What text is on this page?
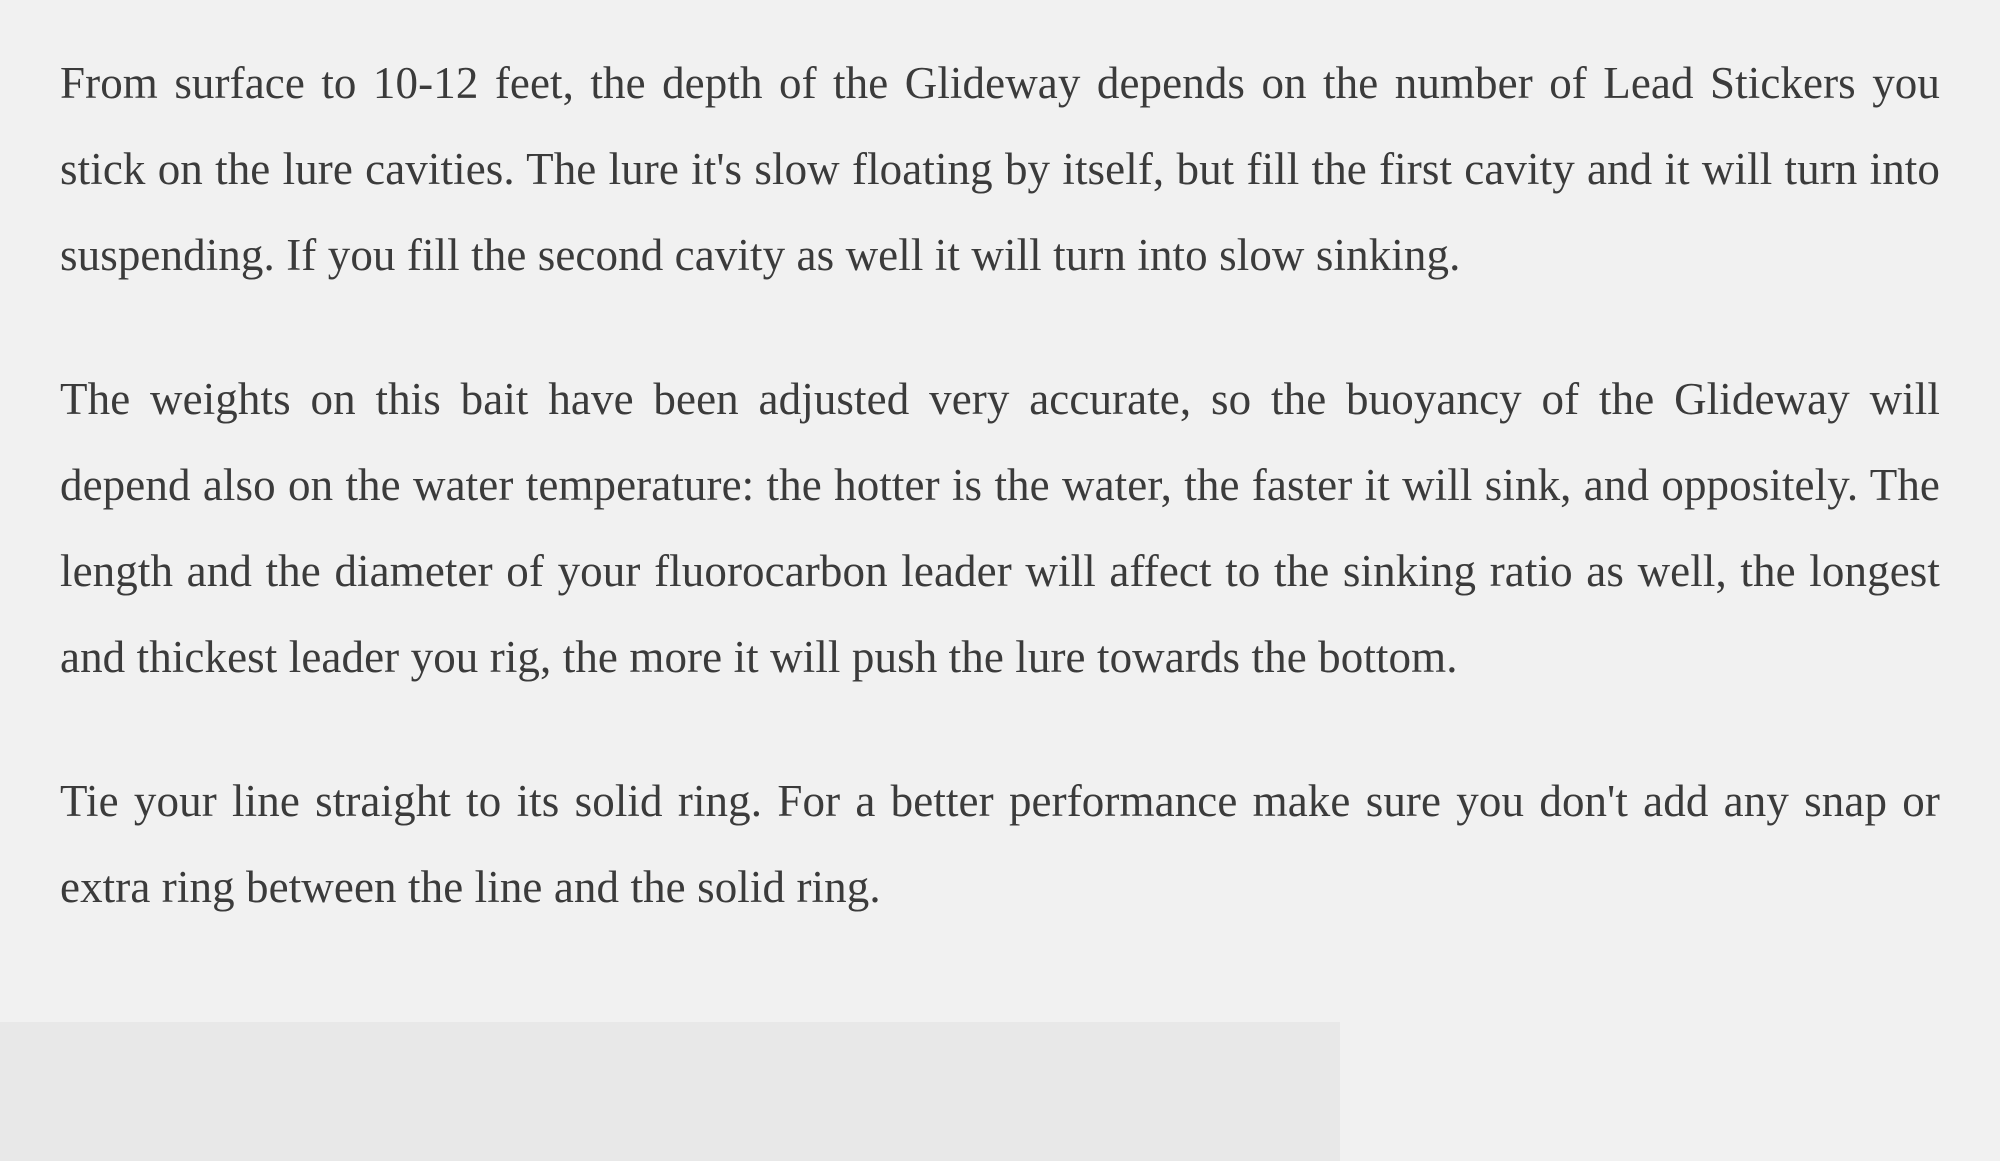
From surface to 10-12 feet, the depth of the Glideway depends on the number of Lead Stickers you stick on the lure cavities. The lure it's slow floating by itself, but fill the first cavity and it will turn into suspending. If you fill the second cavity as well it will turn into slow sinking.

The weights on this bait have been adjusted very accurate, so the buoyancy of the Glideway will depend also on the water temperature: the hotter is the water, the faster it will sink, and oppositely. The length and the diameter of your fluorocarbon leader will affect to the sinking ratio as well, the longest and thickest leader you rig, the more it will push the lure towards the bottom.

Tie your line straight to its solid ring. For a better performance make sure you don't add any snap or extra ring between the line and the solid ring.
